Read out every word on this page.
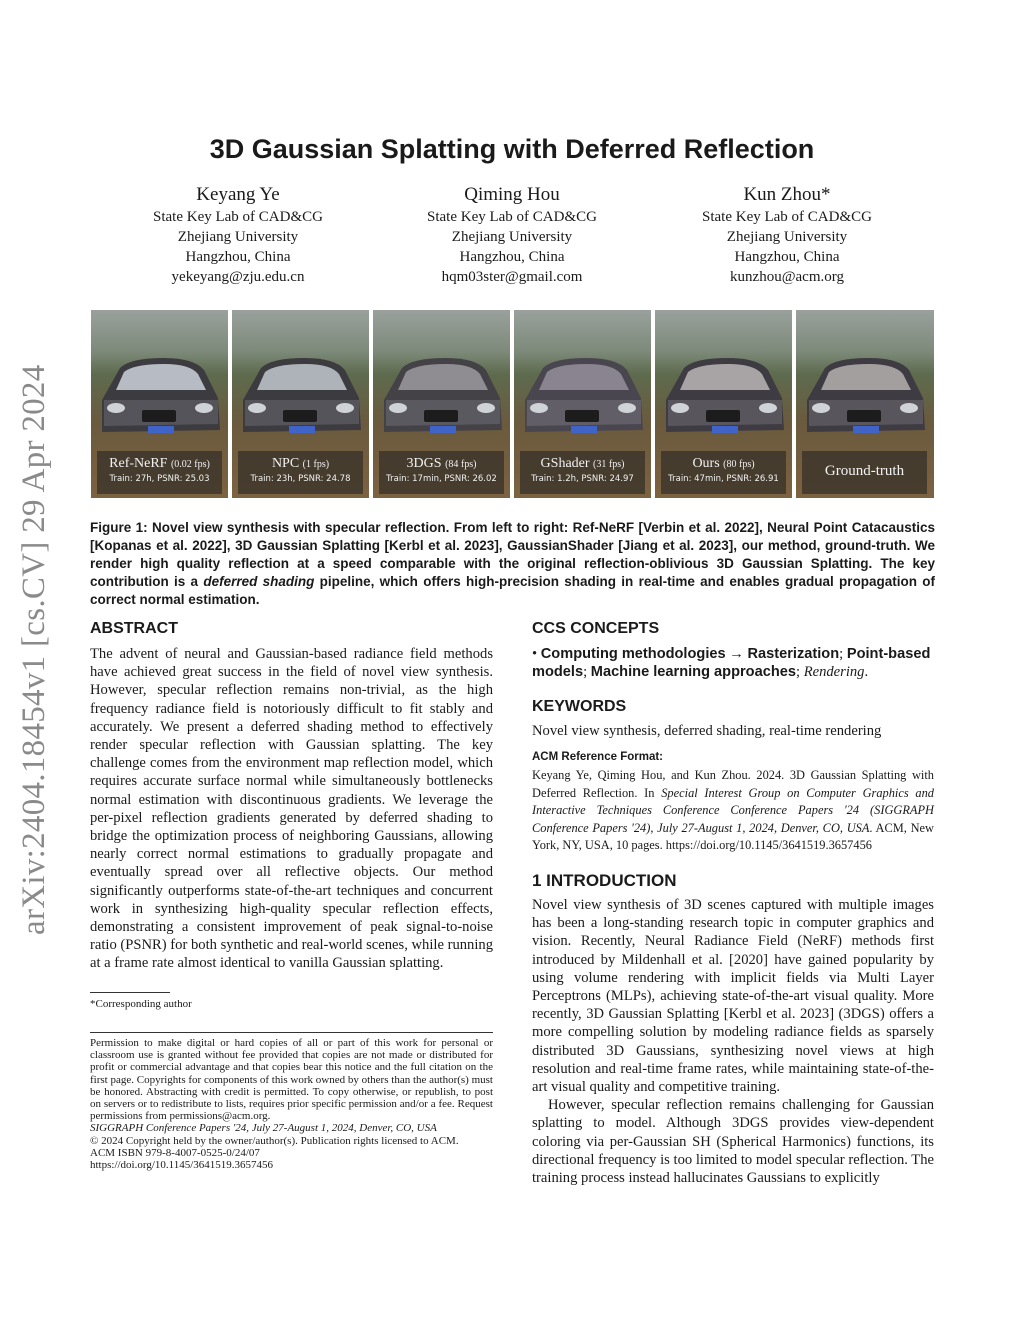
arXiv:2404.18454v1 [cs.CV] 29 Apr 2024
3D Gaussian Splatting with Deferred Reflection
Keyang Ye
State Key Lab of CAD&CG
Zhejiang University
Hangzhou, China
yekeyang@zju.edu.cn
Qiming Hou
State Key Lab of CAD&CG
Zhejiang University
Hangzhou, China
hqm03ster@gmail.com
Kun Zhou*
State Key Lab of CAD&CG
Zhejiang University
Hangzhou, China
kunzhou@acm.org
Ref-NeRF (0.02 fps)
Train: 27h, PSNR: 25.03
NPC (1 fps)
Train: 23h, PSNR: 24.78
3DGS (84 fps)
Train: 17min, PSNR: 26.02
GShader (31 fps)
Train: 1.2h, PSNR: 24.97
Ours (80 fps)
Train: 47min, PSNR: 26.91	Ground-truth
Figure 1: Novel view synthesis with specular reflection. From left to right: Ref-NeRF [Verbin et al. 2022], Neural Point Catacaustics [Kopanas et al. 2022], 3D Gaussian Splatting [Kerbl et al. 2023], GaussianShader [Jiang et al. 2023], our method, ground-truth. We render high quality reflection at a speed comparable with the original reflection-oblivious 3D Gaussian Splatting. The key contribution is a deferred shading pipeline, which offers high-precision shading in real-time and enables gradual propagation of correct normal estimation.
ABSTRACT
The advent of neural and Gaussian-based radiance field methods have achieved great success in the field of novel view synthesis. However, specular reflection remains non-trivial, as the high frequency radiance field is notoriously difficult to fit stably and accurately. We present a deferred shading method to effectively render specular reflection with Gaussian splatting. The key challenge comes from the environment map reflection model, which requires accurate surface normal while simultaneously bottlenecks normal estimation with discontinuous gradients. We leverage the per-pixel reflection gradients generated by deferred shading to bridge the optimization process of neighboring Gaussians, allowing nearly correct normal estimations to gradually propagate and eventually spread over all reflective objects. Our method significantly outperforms state-of-the-art techniques and concurrent work in synthesizing high-quality specular reflection effects, demonstrating a consistent improvement of peak signal-to-noise ratio (PSNR) for both synthetic and real-world scenes, while running at a frame rate almost identical to vanilla Gaussian splatting.
*Corresponding author
Permission to make digital or hard copies of all or part of this work for personal or classroom use is granted without fee provided that copies are not made or distributed for profit or commercial advantage and that copies bear this notice and the full citation on the first page. Copyrights for components of this work owned by others than the author(s) must be honored. Abstracting with credit is permitted. To copy otherwise, or republish, to post on servers or to redistribute to lists, requires prior specific permission and/or a fee. Request permissions from permissions@acm.org.
SIGGRAPH Conference Papers '24, July 27-August 1, 2024, Denver, CO, USA
© 2024 Copyright held by the owner/author(s). Publication rights licensed to ACM.
ACM ISBN 979-8-4007-0525-0/24/07
https://doi.org/10.1145/3641519.3657456
CCS CONCEPTS
• Computing methodologies → Rasterization; Point-based models; Machine learning approaches; Rendering.
KEYWORDS
Novel view synthesis, deferred shading, real-time rendering
ACM Reference Format:
Keyang Ye, Qiming Hou, and Kun Zhou. 2024. 3D Gaussian Splatting with Deferred Reflection. In Special Interest Group on Computer Graphics and Interactive Techniques Conference Conference Papers '24 (SIGGRAPH Conference Papers '24), July 27-August 1, 2024, Denver, CO, USA. ACM, New York, NY, USA, 10 pages. https://doi.org/10.1145/3641519.3657456
1 INTRODUCTION
Novel view synthesis of 3D scenes captured with multiple images has been a long-standing research topic in computer graphics and vision. Recently, Neural Radiance Field (NeRF) methods first introduced by Mildenhall et al. [2020] have gained popularity by using volume rendering with implicit fields via Multi Layer Perceptrons (MLPs), achieving state-of-the-art visual quality. More recently, 3D Gaussian Splatting [Kerbl et al. 2023] (3DGS) offers a more compelling solution by modeling radiance fields as sparsely distributed 3D Gaussians, synthesizing novel views at high resolution and real-time frame rates, while maintaining state-of-the-art visual quality and competitive training.
However, specular reflection remains challenging for Gaussian splatting to model. Although 3DGS provides view-dependent coloring via per-Gaussian SH (Spherical Harmonics) functions, its directional frequency is too limited to model specular reflection. The training process instead hallucinates Gaussians to explicitly
